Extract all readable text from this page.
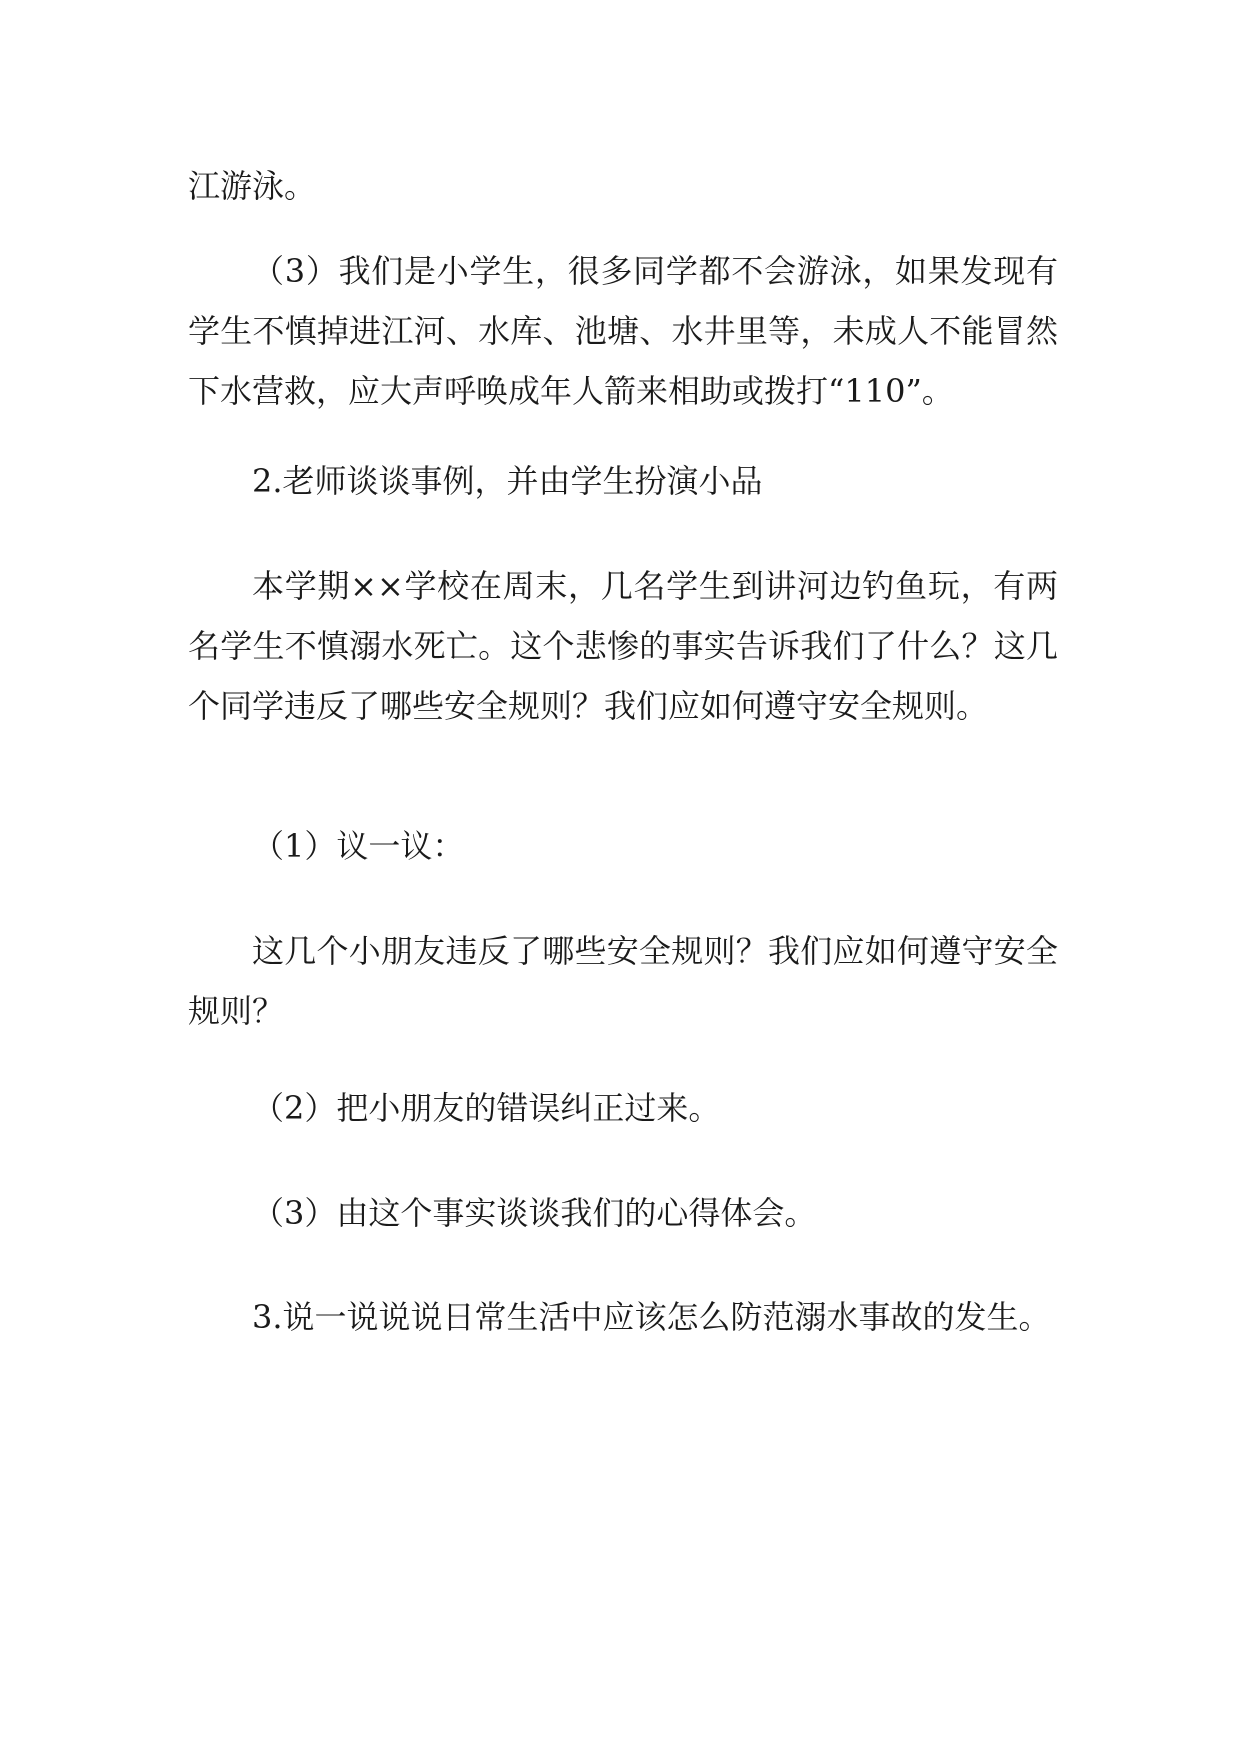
江游泳。

（3）我们是小学生，很多同学都不会游泳，如果发现有学生不慎掉进江河、水库、池塘、水井里等，未成人不能冒然下水营救，应大声呼唤成年人箭来相助或拨打“110”。

2.老师谈谈事例，并由学生扮演小品

本学期××学校在周末，几名学生到讲河边钓鱼玩，有两名学生不慎溺水死亡。这个悲惨的事实告诉我们了什么？这几个同学违反了哪些安全规则？我们应如何遵守安全规则。

（1）议一议：

这几个小朋友违反了哪些安全规则？我们应如何遵守安全规则？

（2）把小朋友的错误纠正过来。

（3）由这个事实谈谈我们的心得体会。

3.说一说说说日常生活中应该怎么防范溺水事故的发生。
